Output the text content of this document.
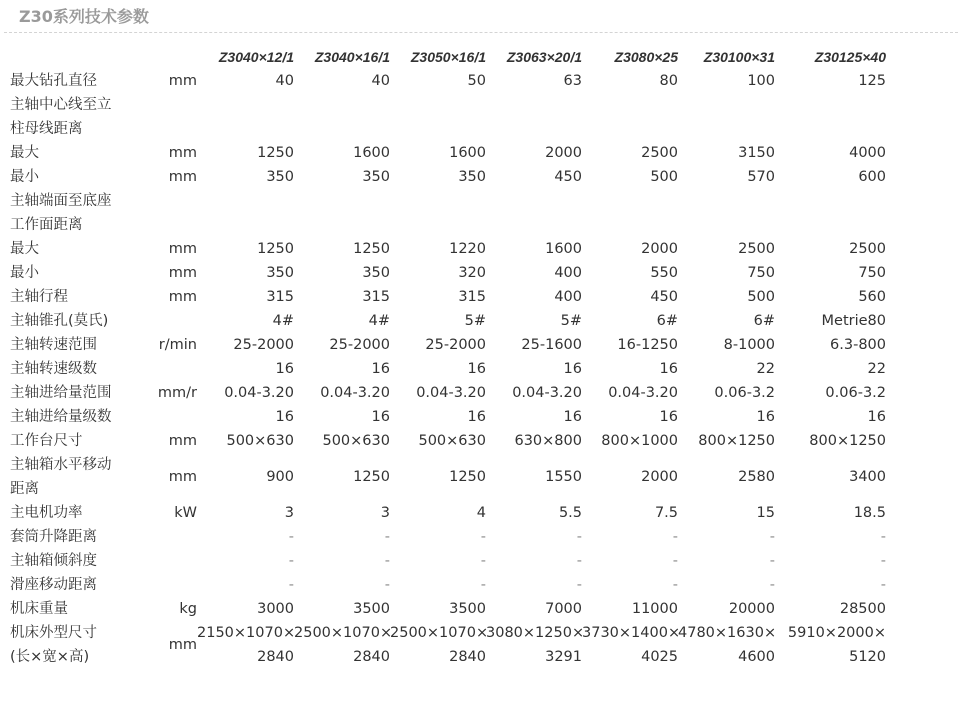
Z30系列技术参数
		Z3040×12/1	Z3040×16/1	Z3050×16/1	Z3063×20/1	Z3080×25	Z30100×31	Z30125×40
最大钻孔直径	mm	40	40	50	63	80	100	125
主轴中心线至立								
柱母线距离								
最大	mm	1250	1600	1600	2000	2500	3150	4000
最小	mm	350	350	350	450	500	570	600
主轴端面至底座								
工作面距离								
最大	mm	1250	1250	1220	1600	2000	2500	2500
最小	mm	350	350	320	400	550	750	750
主轴行程	mm	315	315	315	400	450	500	560
主轴锥孔(莫氏)		4#	4#	5#	5#	6#	6#	Metrie80
主轴转速范围	r/min	25-2000	25-2000	25-2000	25-1600	16-1250	8-1000	6.3-800
主轴转速级数		16	16	16	16	16	22	22
主轴进给量范围	mm/r	0.04-3.20	0.04-3.20	0.04-3.20	0.04-3.20	0.04-3.20	0.06-3.2	0.06-3.2
主轴进给量级数		16	16	16	16	16	16	16
工作台尺寸	mm	500×630	500×630	500×630	630×800	800×1000	800×1250	800×1250
主轴箱水平移动	mm	900	1250	1250	1550	2000	2580	3400
距离								
主电机功率	kW	3	3	4	5.5	7.5	15	18.5
套筒升降距离		-	-	-	-	-	-	-
主轴箱倾斜度		-	-	-	-	-	-	-
滑座移动距离		-	-	-	-	-	-	-
机床重量	kg	3000	3500	3500	7000	11000	20000	28500
机床外型尺寸	mm	2150×1070×	2500×1070×	2500×1070×	3080×1250×	3730×1400×	4780×1630×	5910×2000×
(长×宽×高)		2840	2840	2840	3291	4025	4600	5120
